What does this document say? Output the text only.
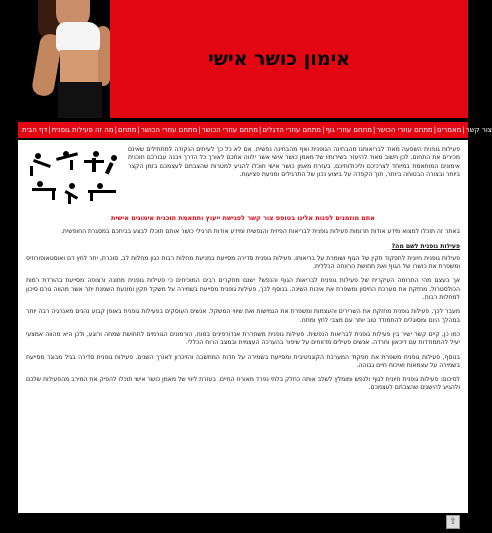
אימון כושר אישי
דף הבית | מה זה פעילות גופנית | מתחם | מתחם עוזרי הכושר | מתחם עוזרי הכושר | מתחם עוזרי הדגלים | מתחם עוזרי גוף | מתחם עוזרי הכושר | מאמרים | צור קשר

פעילות גופנית השפעה מאוד לבריאותנו מהבחינה הגופנית ואף מהבחינה נפשית. אם לא כל כך לעיתים הנקודה למתחילים שאינם מכירים את התחום. לכן חשוב מאוד להיעזר בשירותיו של מאמן כושר אישי אשר ילווה אתכם לאורך כל הדרך ויבנה עבורכם תוכנית אימונים המותאמת במיוחד לצרכיכם וליכולותיכם. בעזרת מאמן כושר אישי תוכלו להגיע למטרות שהצבתם לעצמכם בזמן הקצר ביותר ובצורה הבטוחה ביותר, תוך הקפדה על ביצוע נכון של התרגילים ומניעת פציעות.

אתם מוזמנים לפנות אלינו בטופס צור קשר לפגישת ייעוץ ותתאמת תוכנית אימונים אישית

באתר זה תוכלו למצוא מידע אודות תרומות פעילות גופנית לבריאות הפיזית והנפשית ומידע אודות תרגילי כושר אותם תוכלו לבצע בביתכם במסגרת החופשית.

פעילות גופנית לשם מה?

פעילות גופנית חיונית לתפקוד תקין של הגוף ושומרת על בריאותו. פעילות גופנית סדירה מסייעת במניעת מחלות רבות כגון מחלות לב, סוכרת, יתר לחץ דם ואוסטאופורוזיס ומשפרת את כושרו של הגוף ואת תחושת הרווחה הכללית.

אך בעצם מהי התרומה העיקרית של פעילות גופנית לבריאות הגוף והנפש? ישנם מחקרים רבים המוכיחים כי פעילות גופנית מתונה ורצופה מסייעת בהורדת רמות הכולסטרול, מחזקת את מערכת החיסון ומשפרת את איכות השינה. בנוסף לכך, פעילות גופנית מסייעת בשמירה על משקל תקין ומונעת השמנת יתר אשר מהווה גורם סיכון למחלות רבות.

מעבר לכך, פעילות גופנית מחזקת את השרירים והעצמות ומשפרת את הגמישות ואת שיווי המשקל. אנשים העוסקים בפעילות גופנית באופן קבוע נהנים מאנרגיה רבה יותר במהלך היום ומסוגלים להתמודד טוב יותר עם מצבי לחץ ומתח.

כמו כן, קיים קשר ישיר בין פעילות גופנית לבריאות הנפשית. פעילות גופנית משחררת אנדורפינים במוח, הורמונים הגורמים לתחושת שמחה ורוגע, ולכן היא מהווה אמצעי יעיל להתמודדות עם דיכאון וחרדה. אנשים פעילים מדווחים על שיפור בהערכה העצמית ובמצב הרוח הכללי.

בנוסף, פעילות גופנית משפרת את תפקוד המערכת הקוגניטיבית ומסייעת בשמירה על חדות המחשבה והזיכרון לאורך השנים. פעילות גופנית סדירה בגיל מבוגר מסייעת בשמירה על עצמאות ואיכות חיים גבוהה.

לסיכום: פעילות גופנית חיונית לגוף ולנפש ומומלץ לשלב אותה כחלק בלתי נפרד מאורח החיים. בעזרת ליווי של מאמן כושר אישי תוכלו להפיק את המירב מהפעילות שלכם ולהגיע להישגים שהצבתם לעצמכם.

⇧
